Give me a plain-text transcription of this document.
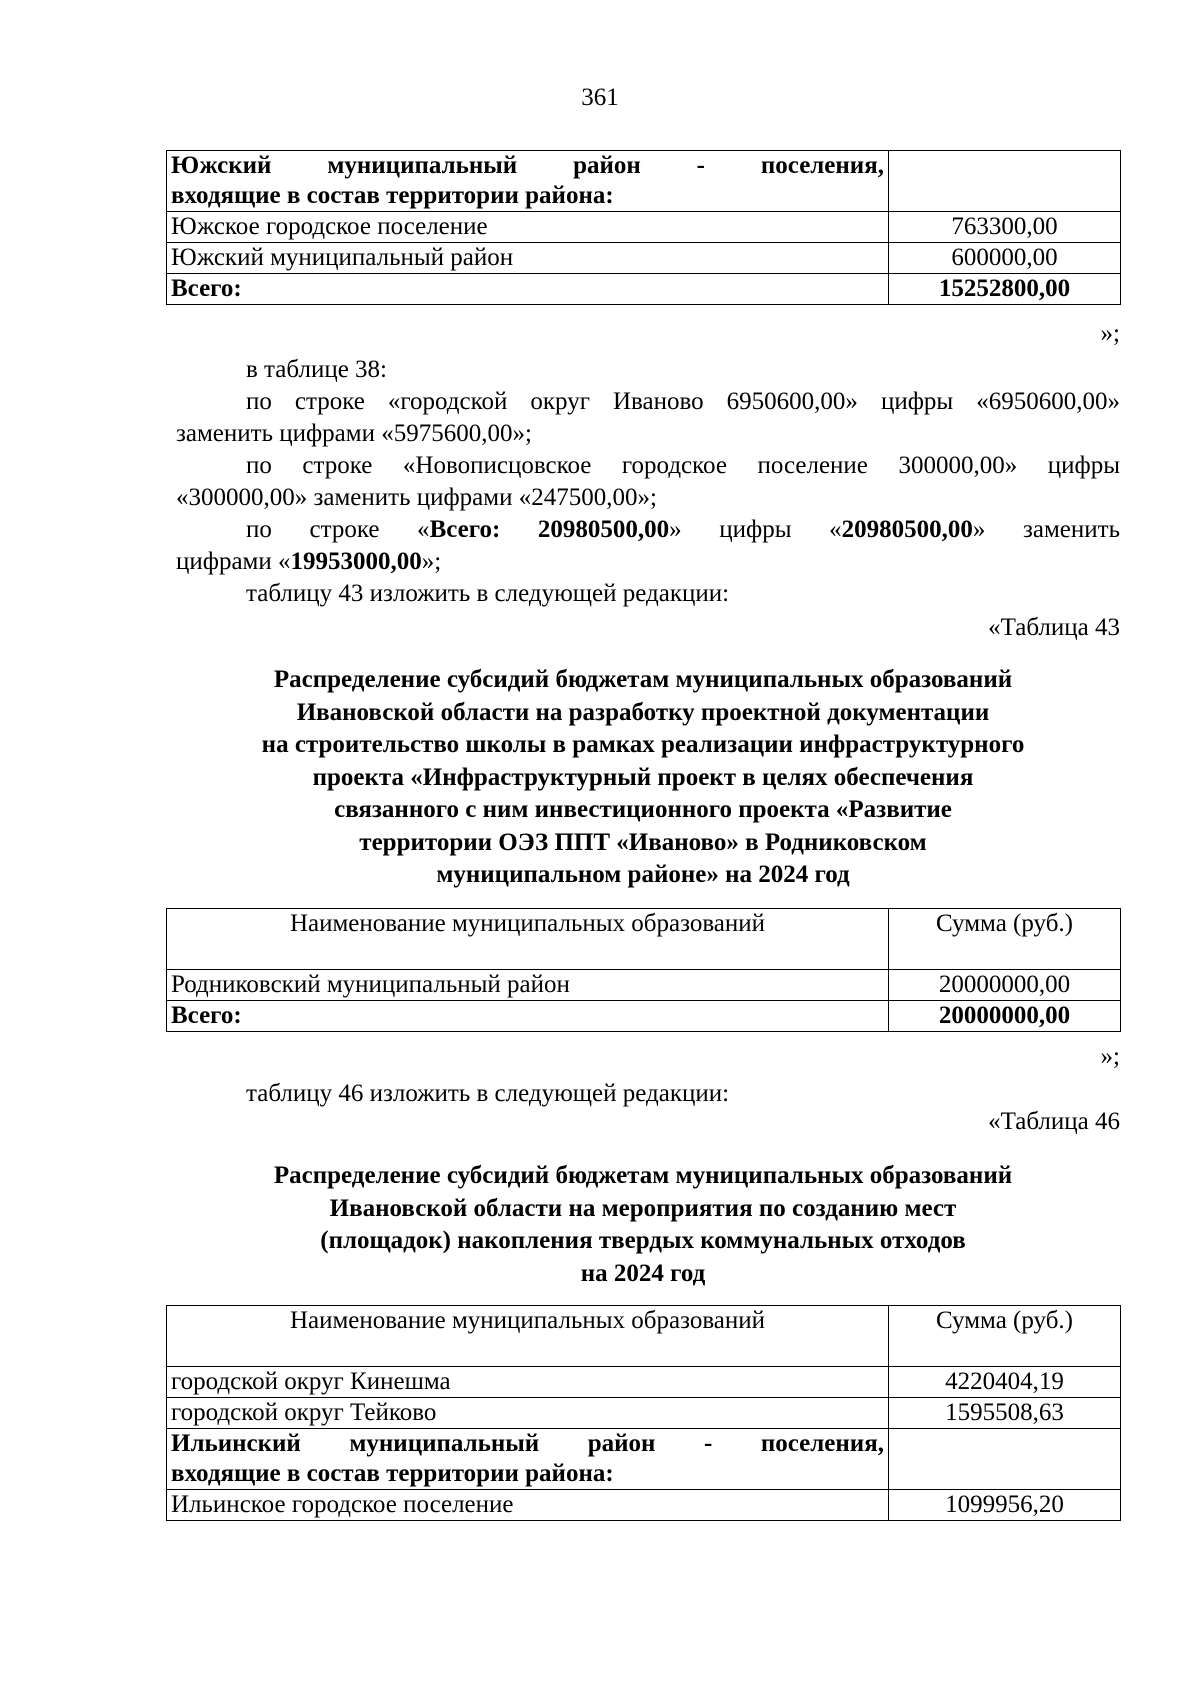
361
Южский муниципальный район - поселения,
входящие в состав территории района:	

Южское городское поселение	763300,00
Южский муниципальный район	600000,00
Всего:	15252800,00
»;
в таблице 38:
по строке «городской округ Иваново 6950600,00» цифры «6950600,00»
заменить цифрами «5975600,00»;
по строке «Новописцовское городское поселение 300000,00» цифры
«300000,00» заменить цифрами «247500,00»;
по строке «Всего: 20980500,00» цифры «20980500,00» заменить
цифрами «19953000,00»;
таблицу 43 изложить в следующей редакции:
«Таблица 43
Распределение субсидий бюджетам муниципальных образований
Ивановской области на разработку проектной документации
на строительство школы в рамках реализации инфраструктурного
проекта «Инфраструктурный проект в целях обеспечения
связанного с ним инвестиционного проекта «Развитие
территории ОЭЗ ППТ «Иваново» в Родниковском
муниципальном районе» на 2024 год
Наименование муниципальных образований	Сумма (руб.)
Родниковский муниципальный район	20000000,00
Всего:	20000000,00
»;
таблицу 46 изложить в следующей редакции:
«Таблица 46
Распределение субсидий бюджетам муниципальных образований
Ивановской области на мероприятия по созданию мест
(площадок) накопления твердых коммунальных отходов
на 2024 год
Наименование муниципальных образований	Сумма (руб.)
городской округ Кинешма	4220404,19
городской округ Тейково	1595508,63

Ильинский муниципальный район - поселения,
входящие в состав территории района:	

Ильинское городское поселение	1099956,20
